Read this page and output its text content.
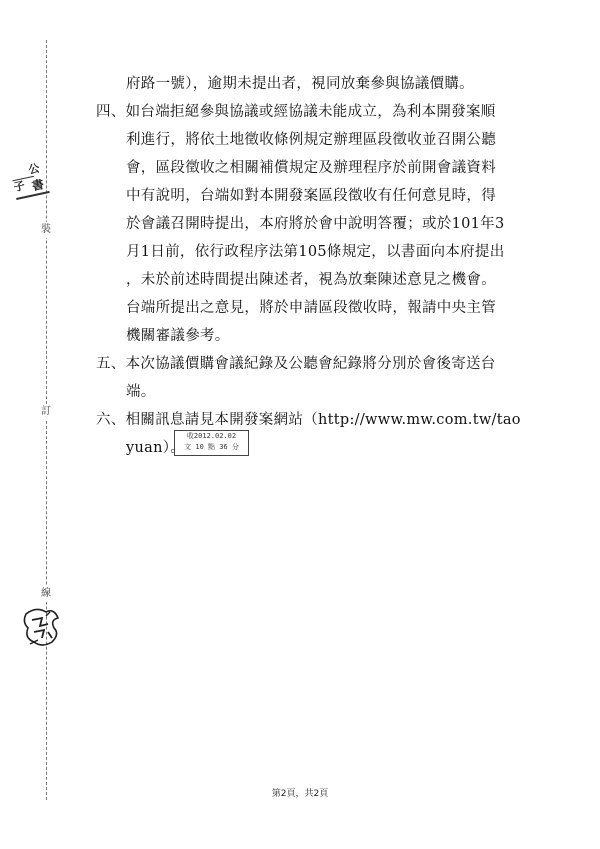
裝
訂
線
公
子 書
府路一號），逾期未提出者，視同放棄參與協議價購。
四、如台端拒絕參與協議或經協議未能成立，為利本開發案順
利進行，將依土地徵收條例規定辦理區段徵收並召開公聽
會，區段徵收之相關補償規定及辦理程序於前開會議資料
中有說明，台端如對本開發案區段徵收有任何意見時，得
於會議召開時提出，本府將於會中說明答覆；或於101年3
月1日前，依行政程序法第105條規定，以書面向本府提出
，未於前述時間提出陳述者，視為放棄陳述意見之機會。
台端所提出之意見，將於申請區段徵收時，報請中央主管
機關審議參考。
五、本次協議價購會議紀錄及公聽會紀錄將分別於會後寄送台
端。
六、相關訊息請見本開發案網站（http://www.mw.com.tw/tao
yuan）。
收2012.02.02
文 10 點 36 分
第2頁，共2頁
